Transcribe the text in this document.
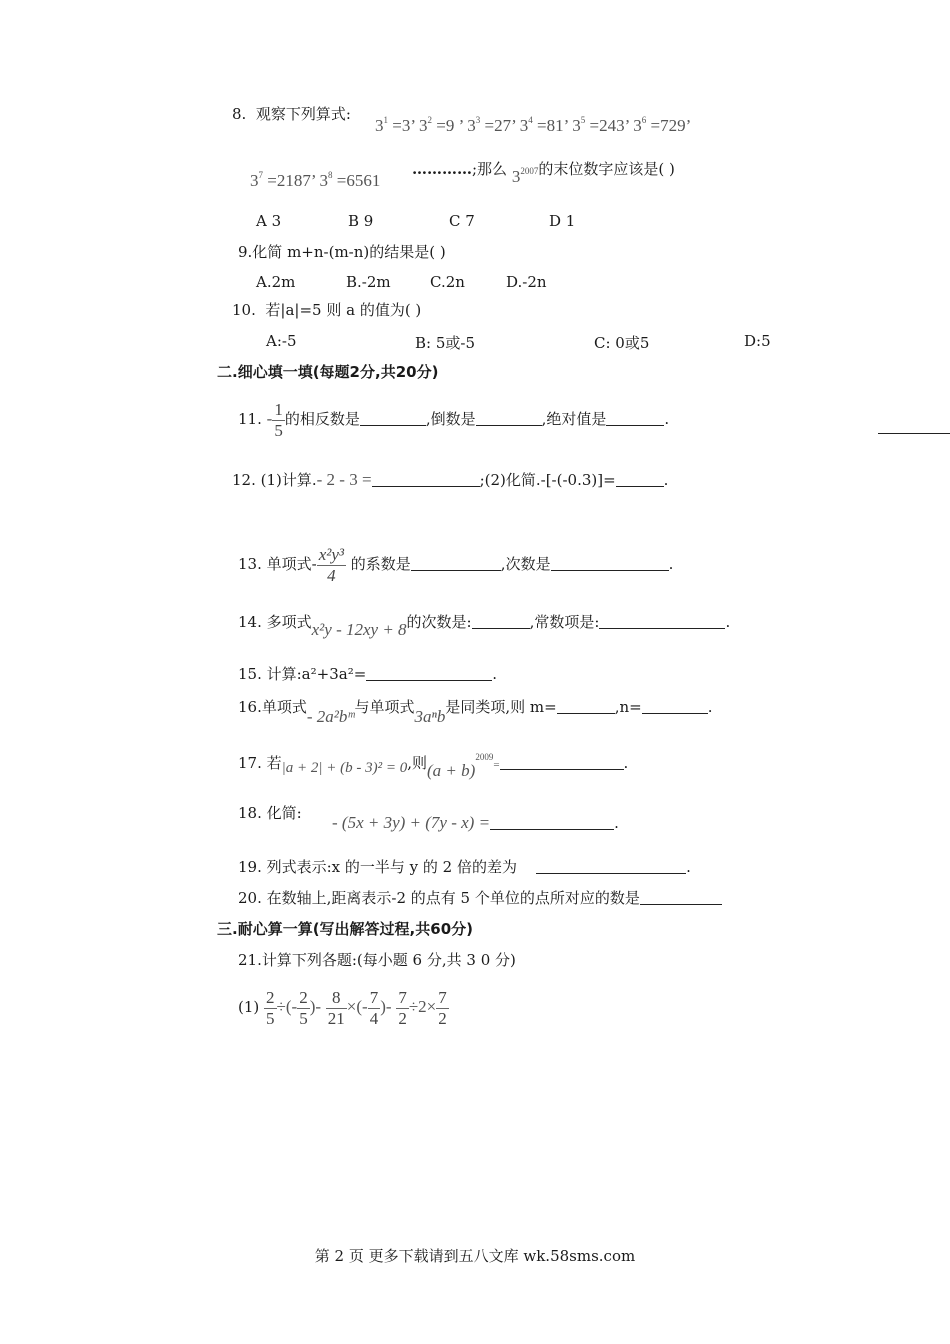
8. 观察下列算式:
$3^1 =3$’ $3^2 =9$ ’ $3^3 =27$’ $3^4 =81$’ $3^5 =243$’ $3^6 =729$’
$3^7 =2187$’ $3^8 =6561$
…………;那么 $3^{2007}$的末位数字应该是( )
A 3	B 9	C 7	D 1
9.化简 m+n-(m-n)的结果是( )
A.2m	B.-2m	C.2n	D.-2n
10. 若|a|=5 则 a 的值为( )
A:-5	B: 5或-5	C: 0或5	D:5
二.细心填一填(每题2分,共20分)
11. - $\frac{1}{5}$ 的相反数是	,倒数是	,绝对值是	.
12. (1)计算.- 2 - 3 =	;(2)化简.-[-(-0.3)]=	.
13. 单项式- $\frac{\text{x²y³}}{4}$ 的系数是	,次数是	.
14. 多项式x²y - 12xy + 8的次数是:	,常数项是:	.
15. 计算:a²+3a²=	.
16.单项式- 2a²bᵐ与单项式3aⁿb是同类项,则 m=	,n=	.
17. 若|a + 2| + (b - 3)² = 0,则$(a + b)^{2009}=$	.
18. 化简: - (5x + 3y) + (7y - x) =	.
19. 列式表示:x 的一半与 y 的 2 倍的差为	.
20. 在数轴上,距离表示-2 的点有 5 个单位的点所对应的数是
三.耐心算一算(写出解答过程,共60分)
21.计算下列各题:(每小题 6 分,共 3 0 分)
$(1) \frac{2}{5}$ ÷(- $\frac{2}{5}$ )- $\frac{8}{21}$ ×(- $\frac{7}{4}$ )- $\frac{7}{2} \div 2\times \frac{7}{2}$
第 2 页 更多下载请到五八文库 wk.58sms.com
